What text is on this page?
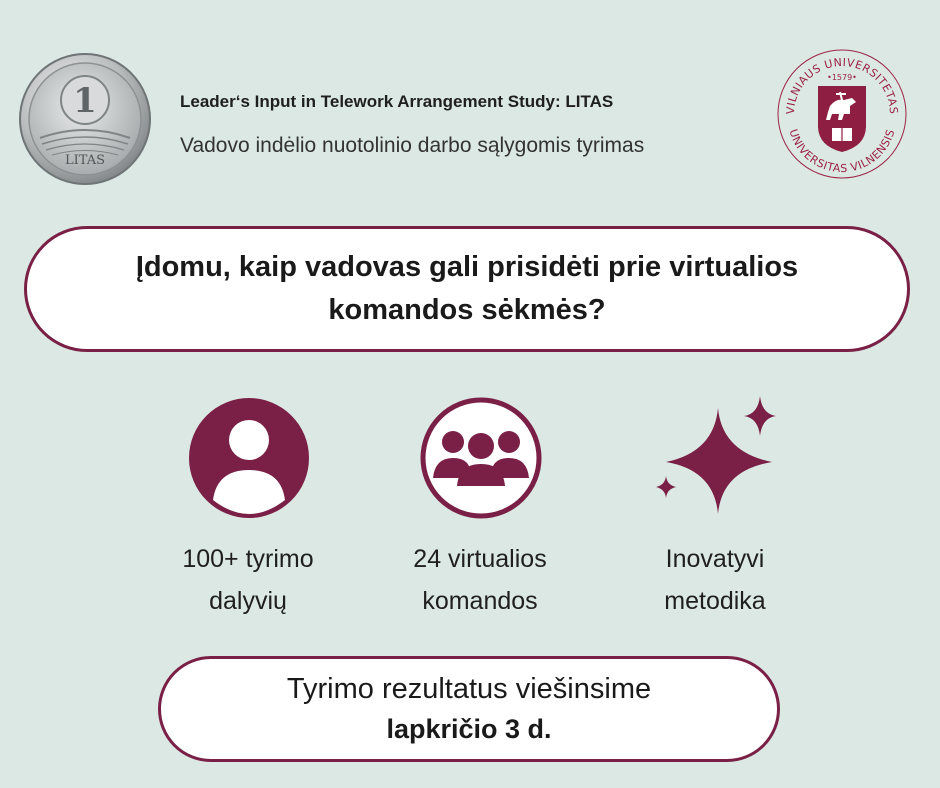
1
LITAS
Leader‘s Input in Telework Arrangement Study: LITAS
Vadovo indėlio nuotolinio darbo sąlygomis tyrimas
VILNIAUS UNIVERSITETAS
UNIVERSITAS VILNENSIS
•1579•
Įdomu, kaip vadovas gali prisidėti prie virtualios
komandos sėkmės?
100+ tyrimo
dalyvių
24 virtualios
komandos
Inovatyvi
metodika
Tyrimo rezultatus viešinsime
lapkričio 3 d.
